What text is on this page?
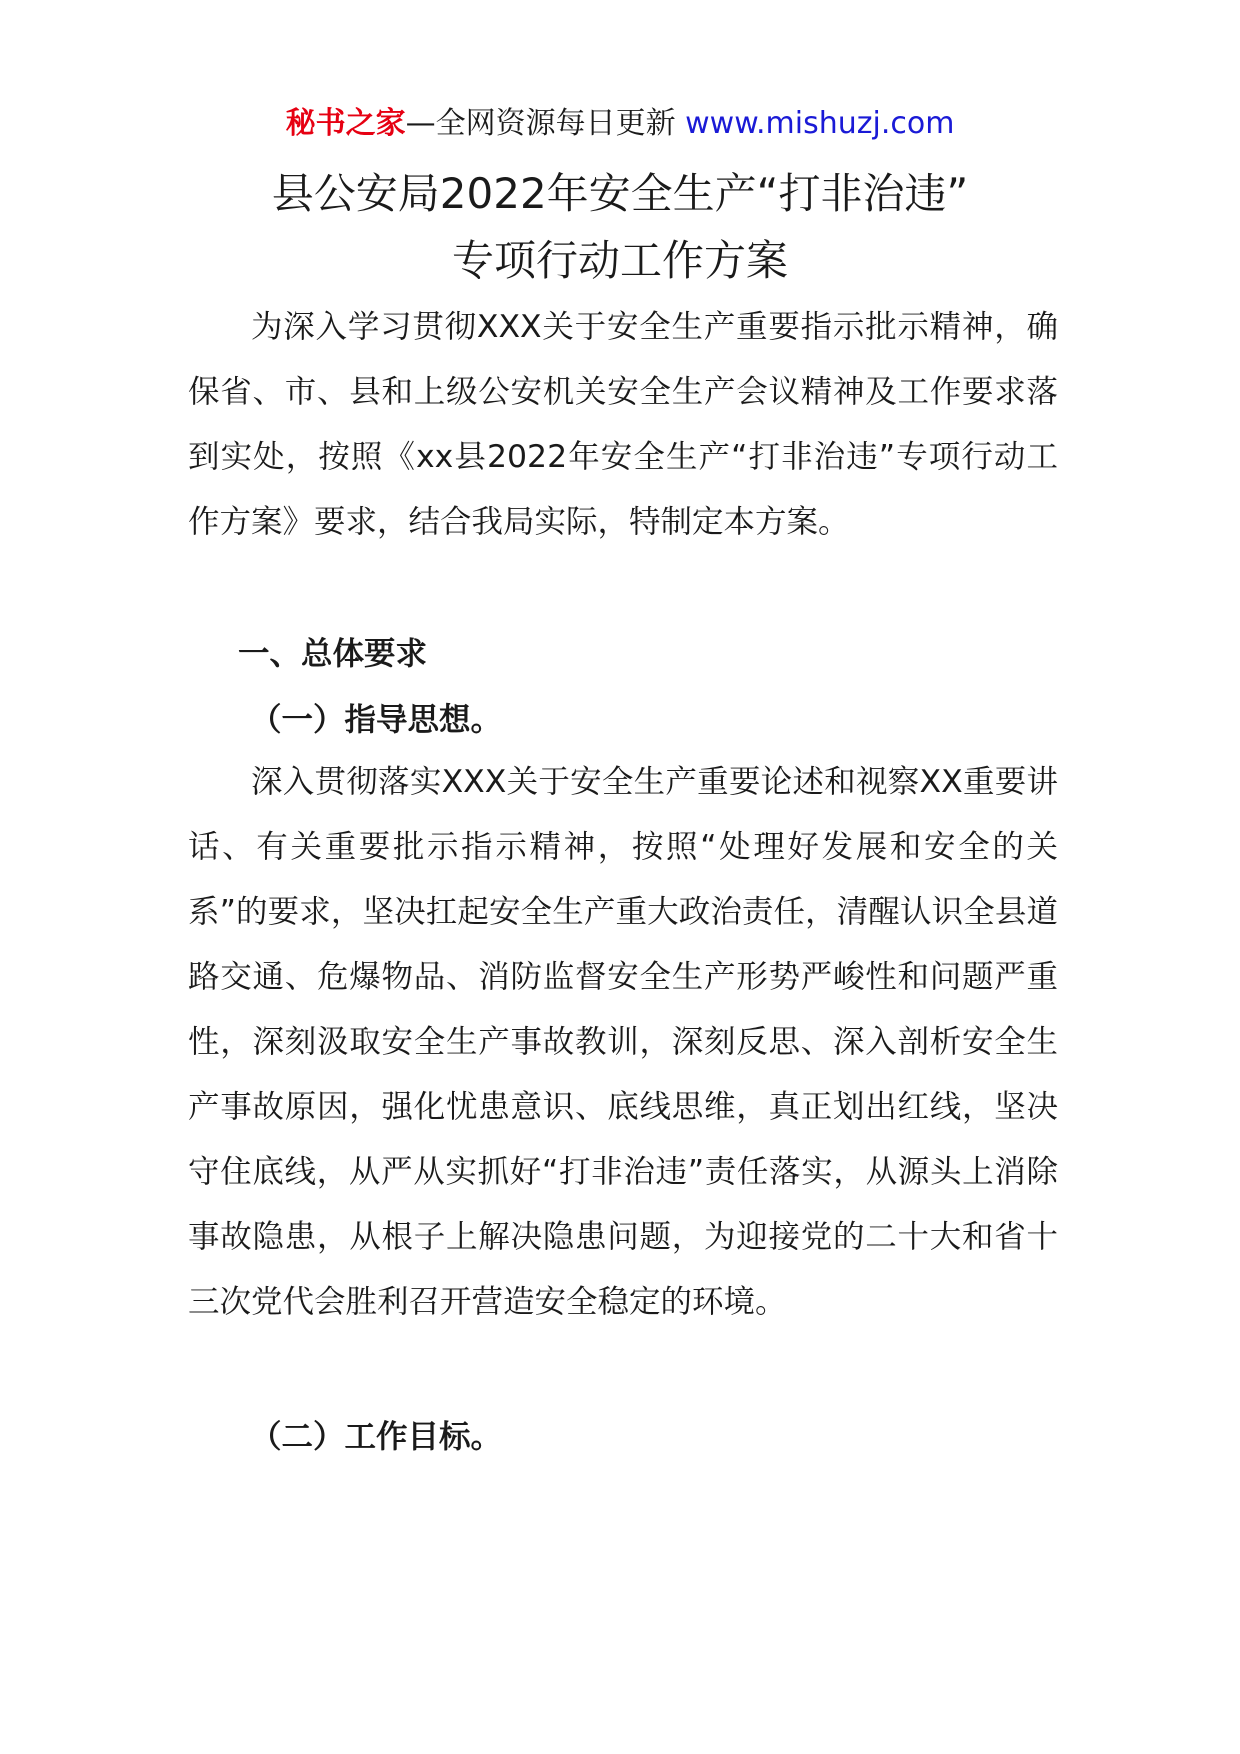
秘书之家—全网资源每日更新 www.mishuzj.com
县公安局2022年安全生产“打非治违”
专项行动工作方案

为深入学习贯彻XXX关于安全生产重要指示批示精神，确保省、市、县和上级公安机关安全生产会议精神及工作要求落到实处，按照《xx县2022年安全生产“打非治违”专项行动工作方案》要求，结合我局实际，特制定本方案。

一、总体要求
（一）指导思想。

深入贯彻落实XXX关于安全生产重要论述和视察XX重要讲话、有关重要批示指示精神，按照“处理好发展和安全的关系”的要求，坚决扛起安全生产重大政治责任，清醒认识全县道路交通、危爆物品、消防监督安全生产形势严峻性和问题严重性，深刻汲取安全生产事故教训，深刻反思、深入剖析安全生产事故原因，强化忧患意识、底线思维，真正划出红线，坚决守住底线，从严从实抓好“打非治违”责任落实，从源头上消除事故隐患，从根子上解决隐患问题，为迎接党的二十大和省十三次党代会胜利召开营造安全稳定的环境。

（二）工作目标。
